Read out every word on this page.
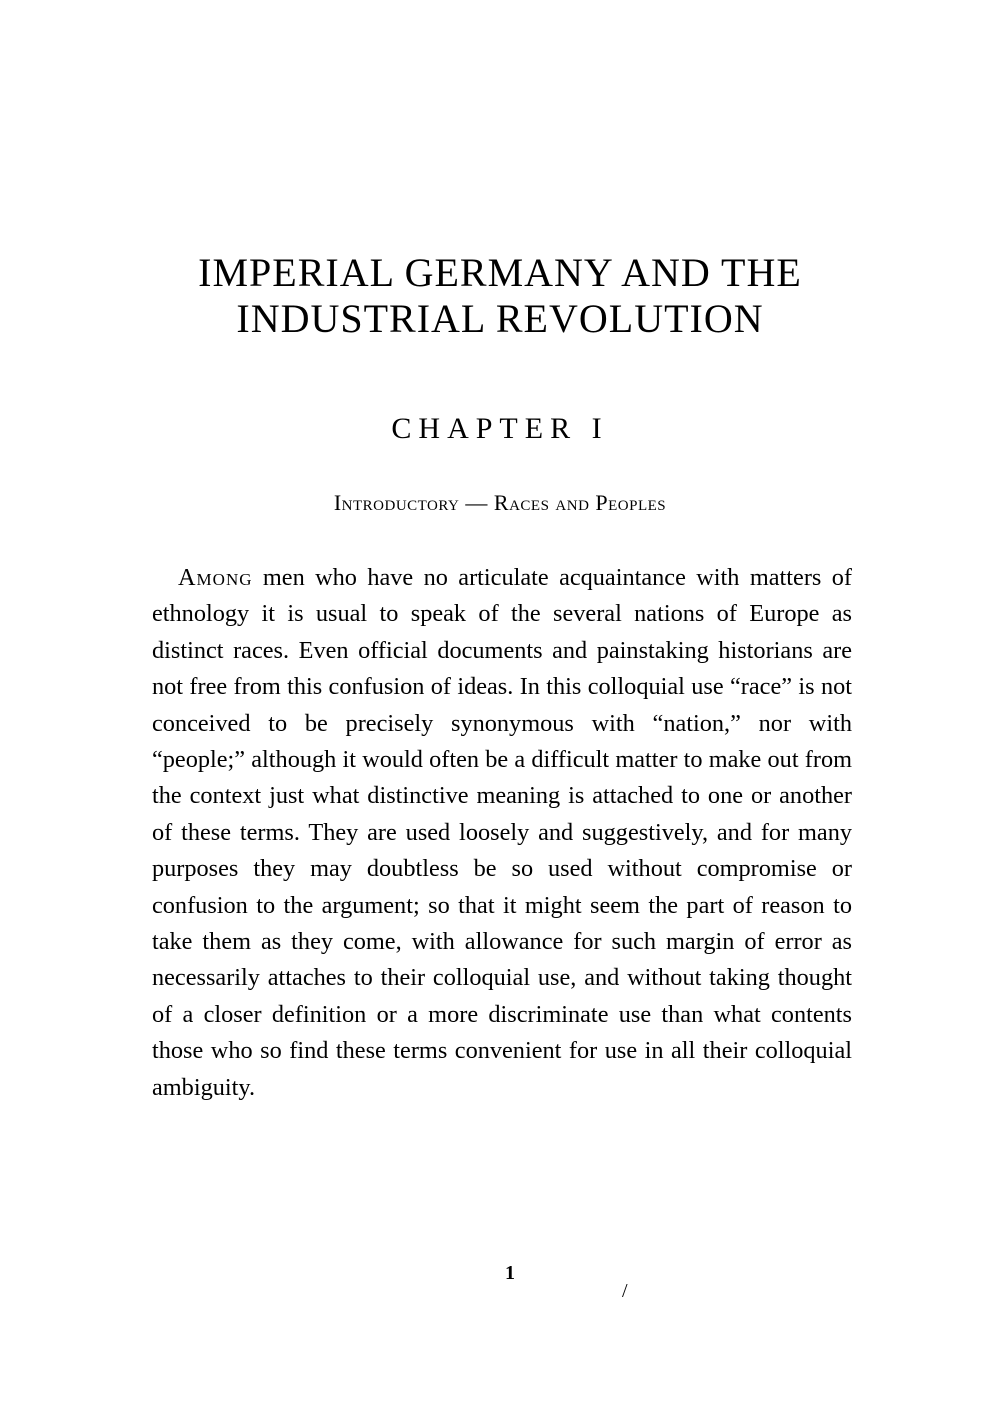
IMPERIAL GERMANY AND THE
INDUSTRIAL REVOLUTION
CHAPTER I

Introductory — Races and Peoples

Among men who have no articulate acquaintance with matters of ethnology it is usual to speak of the several nations of Europe as distinct races. Even official documents and painstaking historians are not free from this confusion of ideas. In this colloquial use “race” is not conceived to be precisely synonymous with “nation,” nor with “people;” although it would often be a difficult matter to make out from the context just what distinctive meaning is attached to one or another of these terms. They are used loosely and suggestively, and for many purposes they may doubtless be so used without compromise or confusion to the argument; so that it might seem the part of reason to take them as they come, with allowance for such margin of error as necessarily attaches to their colloquial use, and without taking thought of a closer definition or a more discriminate use than what contents those who so find these terms convenient for use in all their colloquial ambiguity.

1

/
